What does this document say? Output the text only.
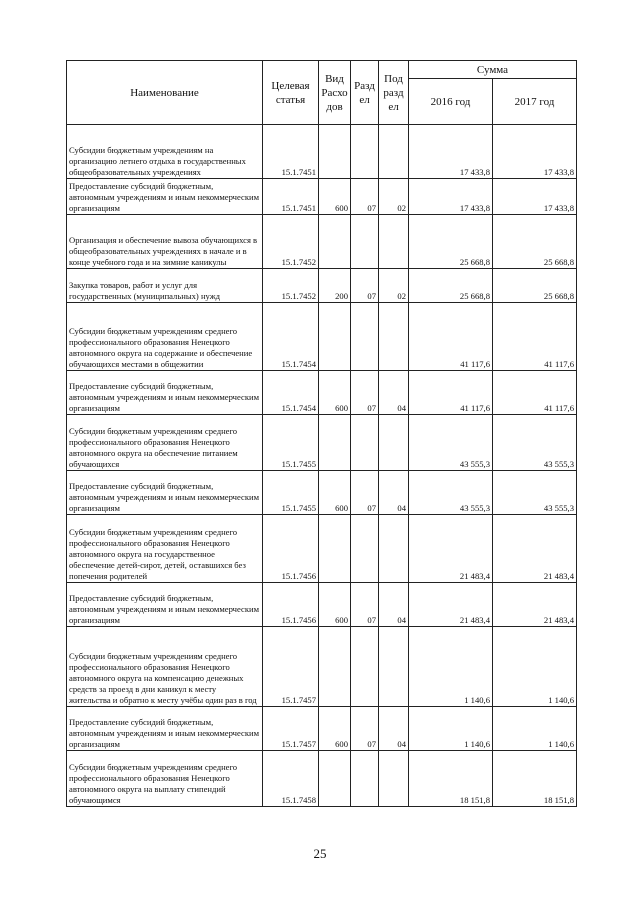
Наименование	Целевая статья	Вид Расхо дов	Разд ел	Под разд ел	Сумма	
					2016 год	2017 год
Субсидии бюджетным учреждениям на организацию летнего отдыха в государственных общеобразовательных учреждениях	15.1.7451				17 433,8	17 433,8
Предоставление субсидий бюджетным, автономным учреждениям и иным некоммерческим организациям	15.1.7451	600	07	02	17 433,8	17 433,8
Организация и обеспечение вывоза обучающихся в общеобразовательных учреждениях в начале и в конце учебного года и на зимние каникулы	15.1.7452				25 668,8	25 668,8
Закупка товаров, работ и услуг для государственных (муниципальных) нужд	15.1.7452	200	07	02	25 668,8	25 668,8
Субсидии бюджетным учреждениям среднего профессионального образования Ненецкого автономного округа на содержание и обеспечение обучающихся местами в общежитии	15.1.7454				41 117,6	41 117,6
Предоставление субсидий бюджетным, автономным учреждениям и иным некоммерческим организациям	15.1.7454	600	07	04	41 117,6	41 117,6
Субсидии бюджетным учреждениям среднего профессионального образования Ненецкого автономного округа на обеспечение питанием обучающихся	15.1.7455				43 555,3	43 555,3
Предоставление субсидий бюджетным, автономным учреждениям и иным некоммерческим организациям	15.1.7455	600	07	04	43 555,3	43 555,3
Субсидии бюджетным учреждениям среднего профессионального образования Ненецкого автономного округа на государственное обеспечение детей-сирот, детей, оставшихся без попечения родителей	15.1.7456				21 483,4	21 483,4
Предоставление субсидий бюджетным, автономным учреждениям и иным некоммерческим организациям	15.1.7456	600	07	04	21 483,4	21 483,4
Субсидии бюджетным учреждениям среднего профессионального образования Ненецкого автономного округа на компенсацию денежных средств за проезд в дни каникул к месту жительства и обратно к месту учёбы один раз в год	15.1.7457				1 140,6	1 140,6
Предоставление субсидий бюджетным, автономным учреждениям и иным некоммерческим организациям	15.1.7457	600	07	04	1 140,6	1 140,6
Субсидии бюджетным учреждениям среднего профессионального образования Ненецкого автономного округа на выплату стипендий обучающимся	15.1.7458				18 151,8	18 151,8
25
